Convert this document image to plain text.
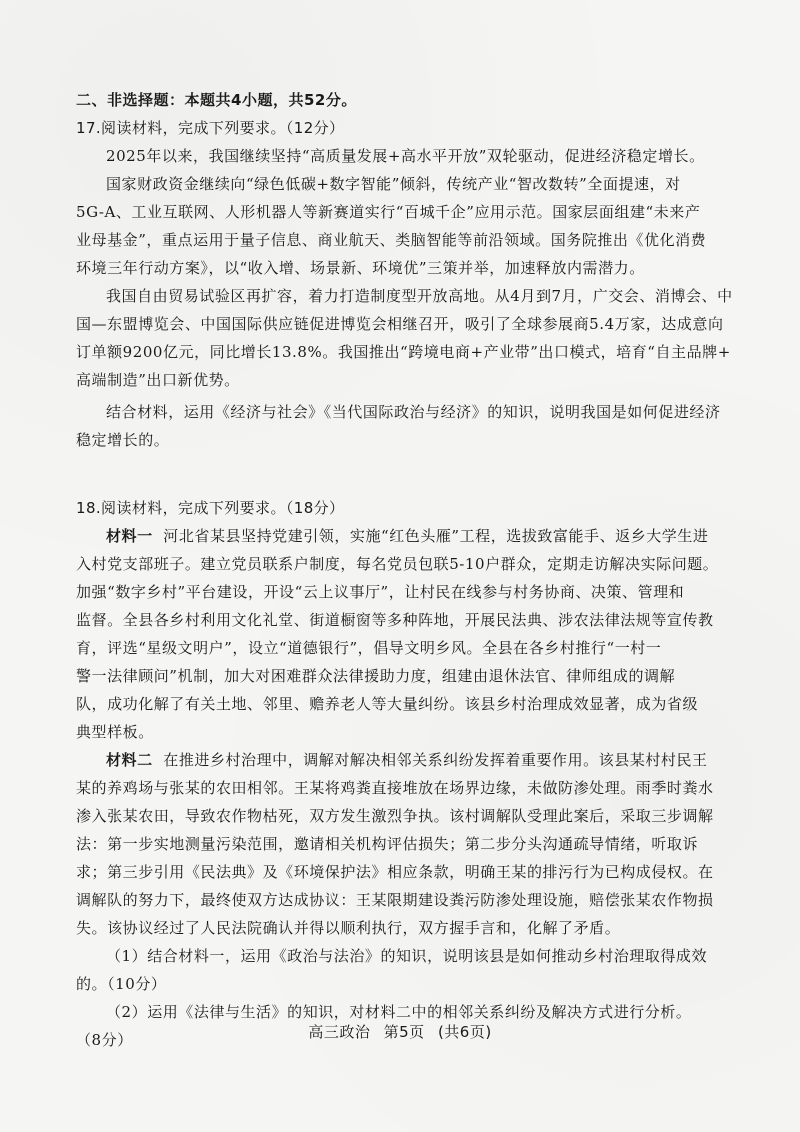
二、非选择题：本题共4小题，共52分。
17.阅读材料，完成下列要求。（12分）
2025年以来，我国继续坚持“高质量发展+高水平开放”双轮驱动，促进经济稳定增长。
国家财政资金继续向“绿色低碳+数字智能”倾斜，传统产业“智改数转”全面提速，对
5G-A、工业互联网、人形机器人等新赛道实行“百城千企”应用示范。国家层面组建“未来产
业母基金”，重点运用于量子信息、商业航天、类脑智能等前沿领域。国务院推出《优化消费
环境三年行动方案》，以“收入增、场景新、环境优”三策并举，加速释放内需潜力。
我国自由贸易试验区再扩容，着力打造制度型开放高地。从4月到7月，广交会、消博会、中
国—东盟博览会、中国国际供应链促进博览会相继召开，吸引了全球参展商5.4万家，达成意向
订单额9200亿元，同比增长13.8%。我国推出“跨境电商+产业带”出口模式，培育“自主品牌+
高端制造”出口新优势。
结合材料，运用《经济与社会》《当代国际政治与经济》的知识，说明我国是如何促进经济
稳定增长的。
18.阅读材料，完成下列要求。（18分）
材料一 河北省某县坚持党建引领，实施“红色头雁”工程，选拔致富能手、返乡大学生进
入村党支部班子。建立党员联系户制度，每名党员包联5-10户群众，定期走访解决实际问题。
加强“数字乡村”平台建设，开设“云上议事厅”，让村民在线参与村务协商、决策、管理和
监督。全县各乡村利用文化礼堂、街道橱窗等多种阵地，开展民法典、涉农法律法规等宣传教
育，评选“星级文明户”，设立“道德银行”，倡导文明乡风。全县在各乡村推行“一村一
警一法律顾问”机制，加大对困难群众法律援助力度，组建由退休法官、律师组成的调解
队，成功化解了有关土地、邻里、赡养老人等大量纠纷。该县乡村治理成效显著，成为省级
典型样板。
材料二 在推进乡村治理中，调解对解决相邻关系纠纷发挥着重要作用。该县某村村民王
某的养鸡场与张某的农田相邻。王某将鸡粪直接堆放在场界边缘，未做防渗处理。雨季时粪水
渗入张某农田，导致农作物枯死，双方发生激烈争执。该村调解队受理此案后，采取三步调解
法：第一步实地测量污染范围，邀请相关机构评估损失；第二步分头沟通疏导情绪，听取诉
求；第三步引用《民法典》及《环境保护法》相应条款，明确王某的排污行为已构成侵权。在
调解队的努力下，最终使双方达成协议：王某限期建设粪污防渗处理设施，赔偿张某农作物损
失。该协议经过了人民法院确认并得以顺利执行，双方握手言和，化解了矛盾。
（1）结合材料一，运用《政治与法治》的知识，说明该县是如何推动乡村治理取得成效
的。（10分）
（2）运用《法律与生活》的知识，对材料二中的相邻关系纠纷及解决方式进行分析。
（8分）	高三政治 第5页 (共6页)
